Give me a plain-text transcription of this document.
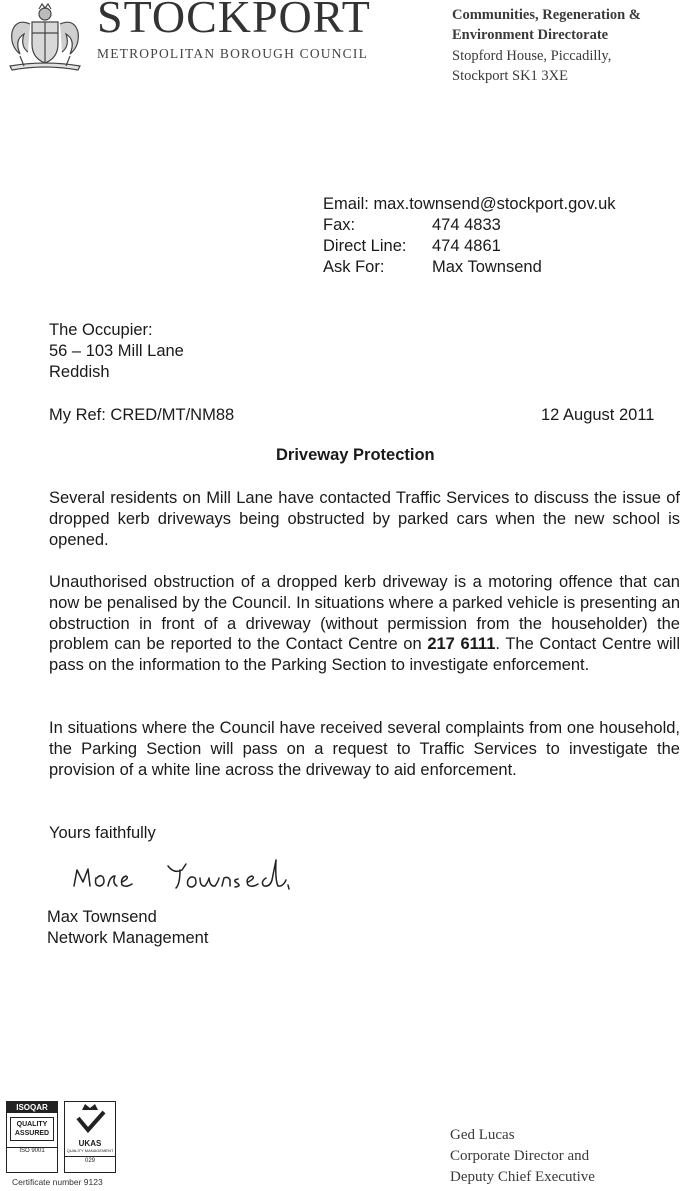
STOCKPORT
METROPOLITAN BOROUGH COUNCIL
Communities, Regeneration &
Environment Directorate
Stopford House, Piccadilly,
Stockport SK1 3XE
Email: max.townsend@stockport.gov.uk
Fax:	474 4833
Direct Line: 474 4861
Ask For:	Max Townsend
The Occupier:
56 – 103 Mill Lane
Reddish
My Ref: CRED/MT/NM88	12 August 2011
Driveway Protection
Several residents on Mill Lane have contacted Traffic Services to discuss the issue of dropped kerb driveways being obstructed by parked cars when the new school is opened.
Unauthorised obstruction of a dropped kerb driveway is a motoring offence that can now be penalised by the Council. In situations where a parked vehicle is presenting an obstruction in front of a driveway (without permission from the householder) the problem can be reported to the Contact Centre on 217 6111. The Contact Centre will pass on the information to the Parking Section to investigate enforcement.
In situations where the Council have received several complaints from one household, the Parking Section will pass on a request to Traffic Services to investigate the provision of a white line across the driveway to aid enforcement.
Yours faithfully
Max Townsend
Network Management
ISOQAR
QUALITY
ASSURED
ISO 9001
UKAS
QUALITY MANAGEMENT
029
Certificate number 9123
Ged Lucas
Corporate Director and
Deputy Chief Executive
